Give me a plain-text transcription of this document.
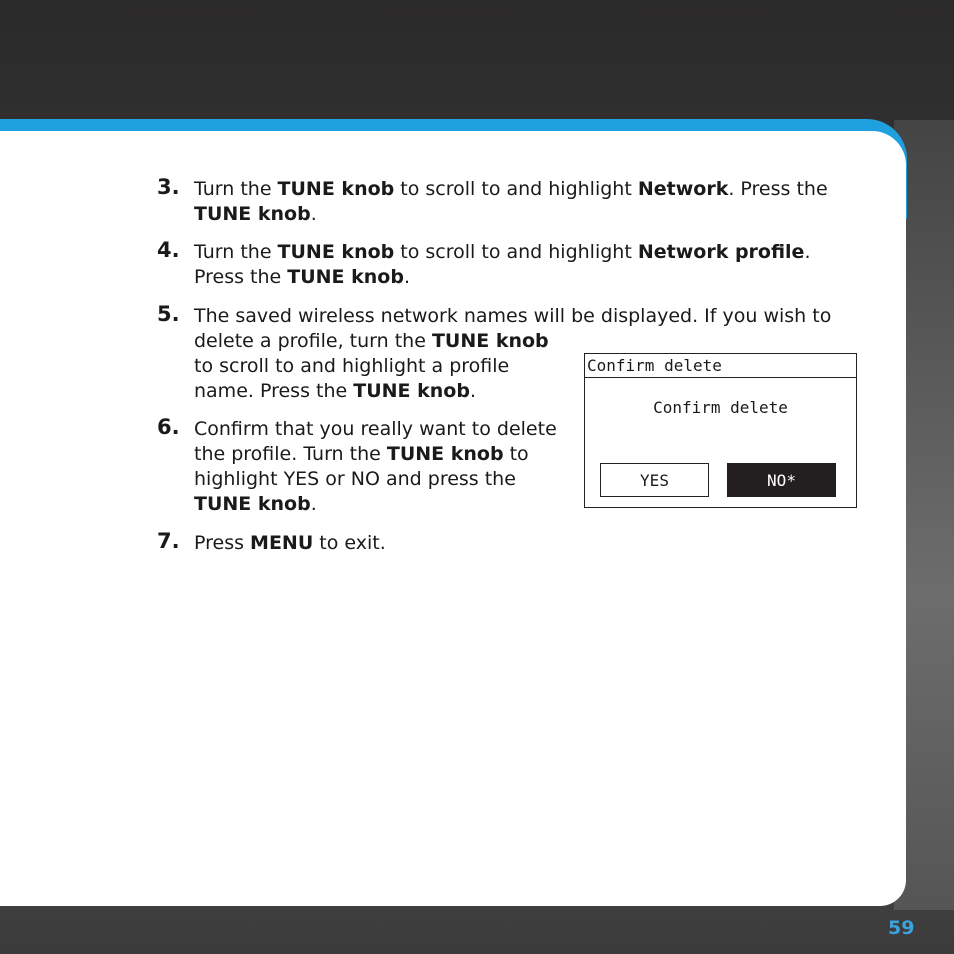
3. Turn the TUNE knob to scroll to and highlight Network. Press the
TUNE knob.
4. Turn the TUNE knob to scroll to and highlight Network profile.
Press the TUNE knob.
5. The saved wireless network names will be displayed. If you wish to
delete a profile, turn the TUNE knob
to scroll to and highlight a profile
name. Press the TUNE knob.
6. Confirm that you really want to delete
the profile. Turn the TUNE knob to
highlight YES or NO and press the
TUNE knob.
7. Press MENU to exit.
Confirm delete
Confirm delete
YES	NO*
59
